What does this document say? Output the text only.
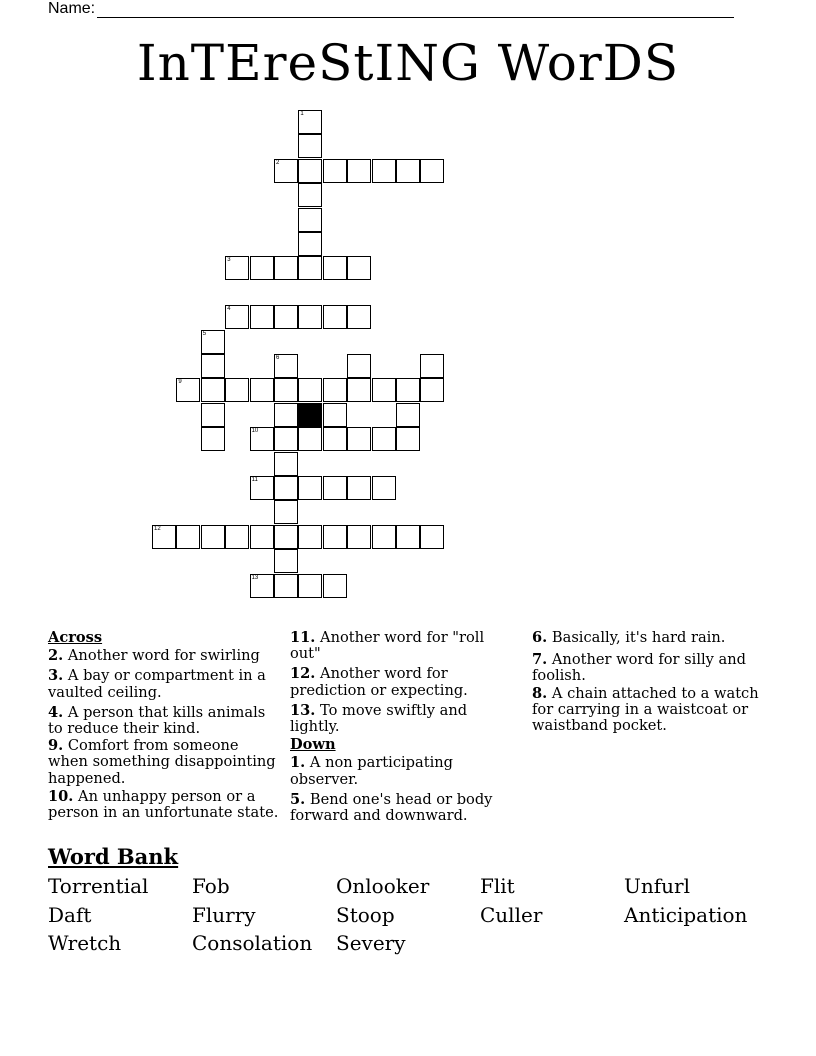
Name:
InTEreStING WorDS
1
2
3
4
5
6
9
10
11
12
13
Across
2. Another word for swirling
3. A bay or compartment in a vaulted ceiling.
4. A person that kills animals to reduce their kind.
9. Comfort from someone when something disappointing happened.
10. An unhappy person or a person in an unfortunate state.
11. Another word for "roll out"
12. Another word for prediction or expecting.
13. To move swiftly and lightly.
Down
1. A non participating observer.
5. Bend one's head or body forward and downward.
6. Basically, it's hard rain.
7. Another word for silly and foolish.
8. A chain attached to a watch for carrying in a waistcoat or waistband pocket.
Word Bank
Torrential	Fob	Onlooker	Flit	Unfurl
Daft	Flurry	Stoop	Culler	Anticipation
Wretch	Consolation	Severy
